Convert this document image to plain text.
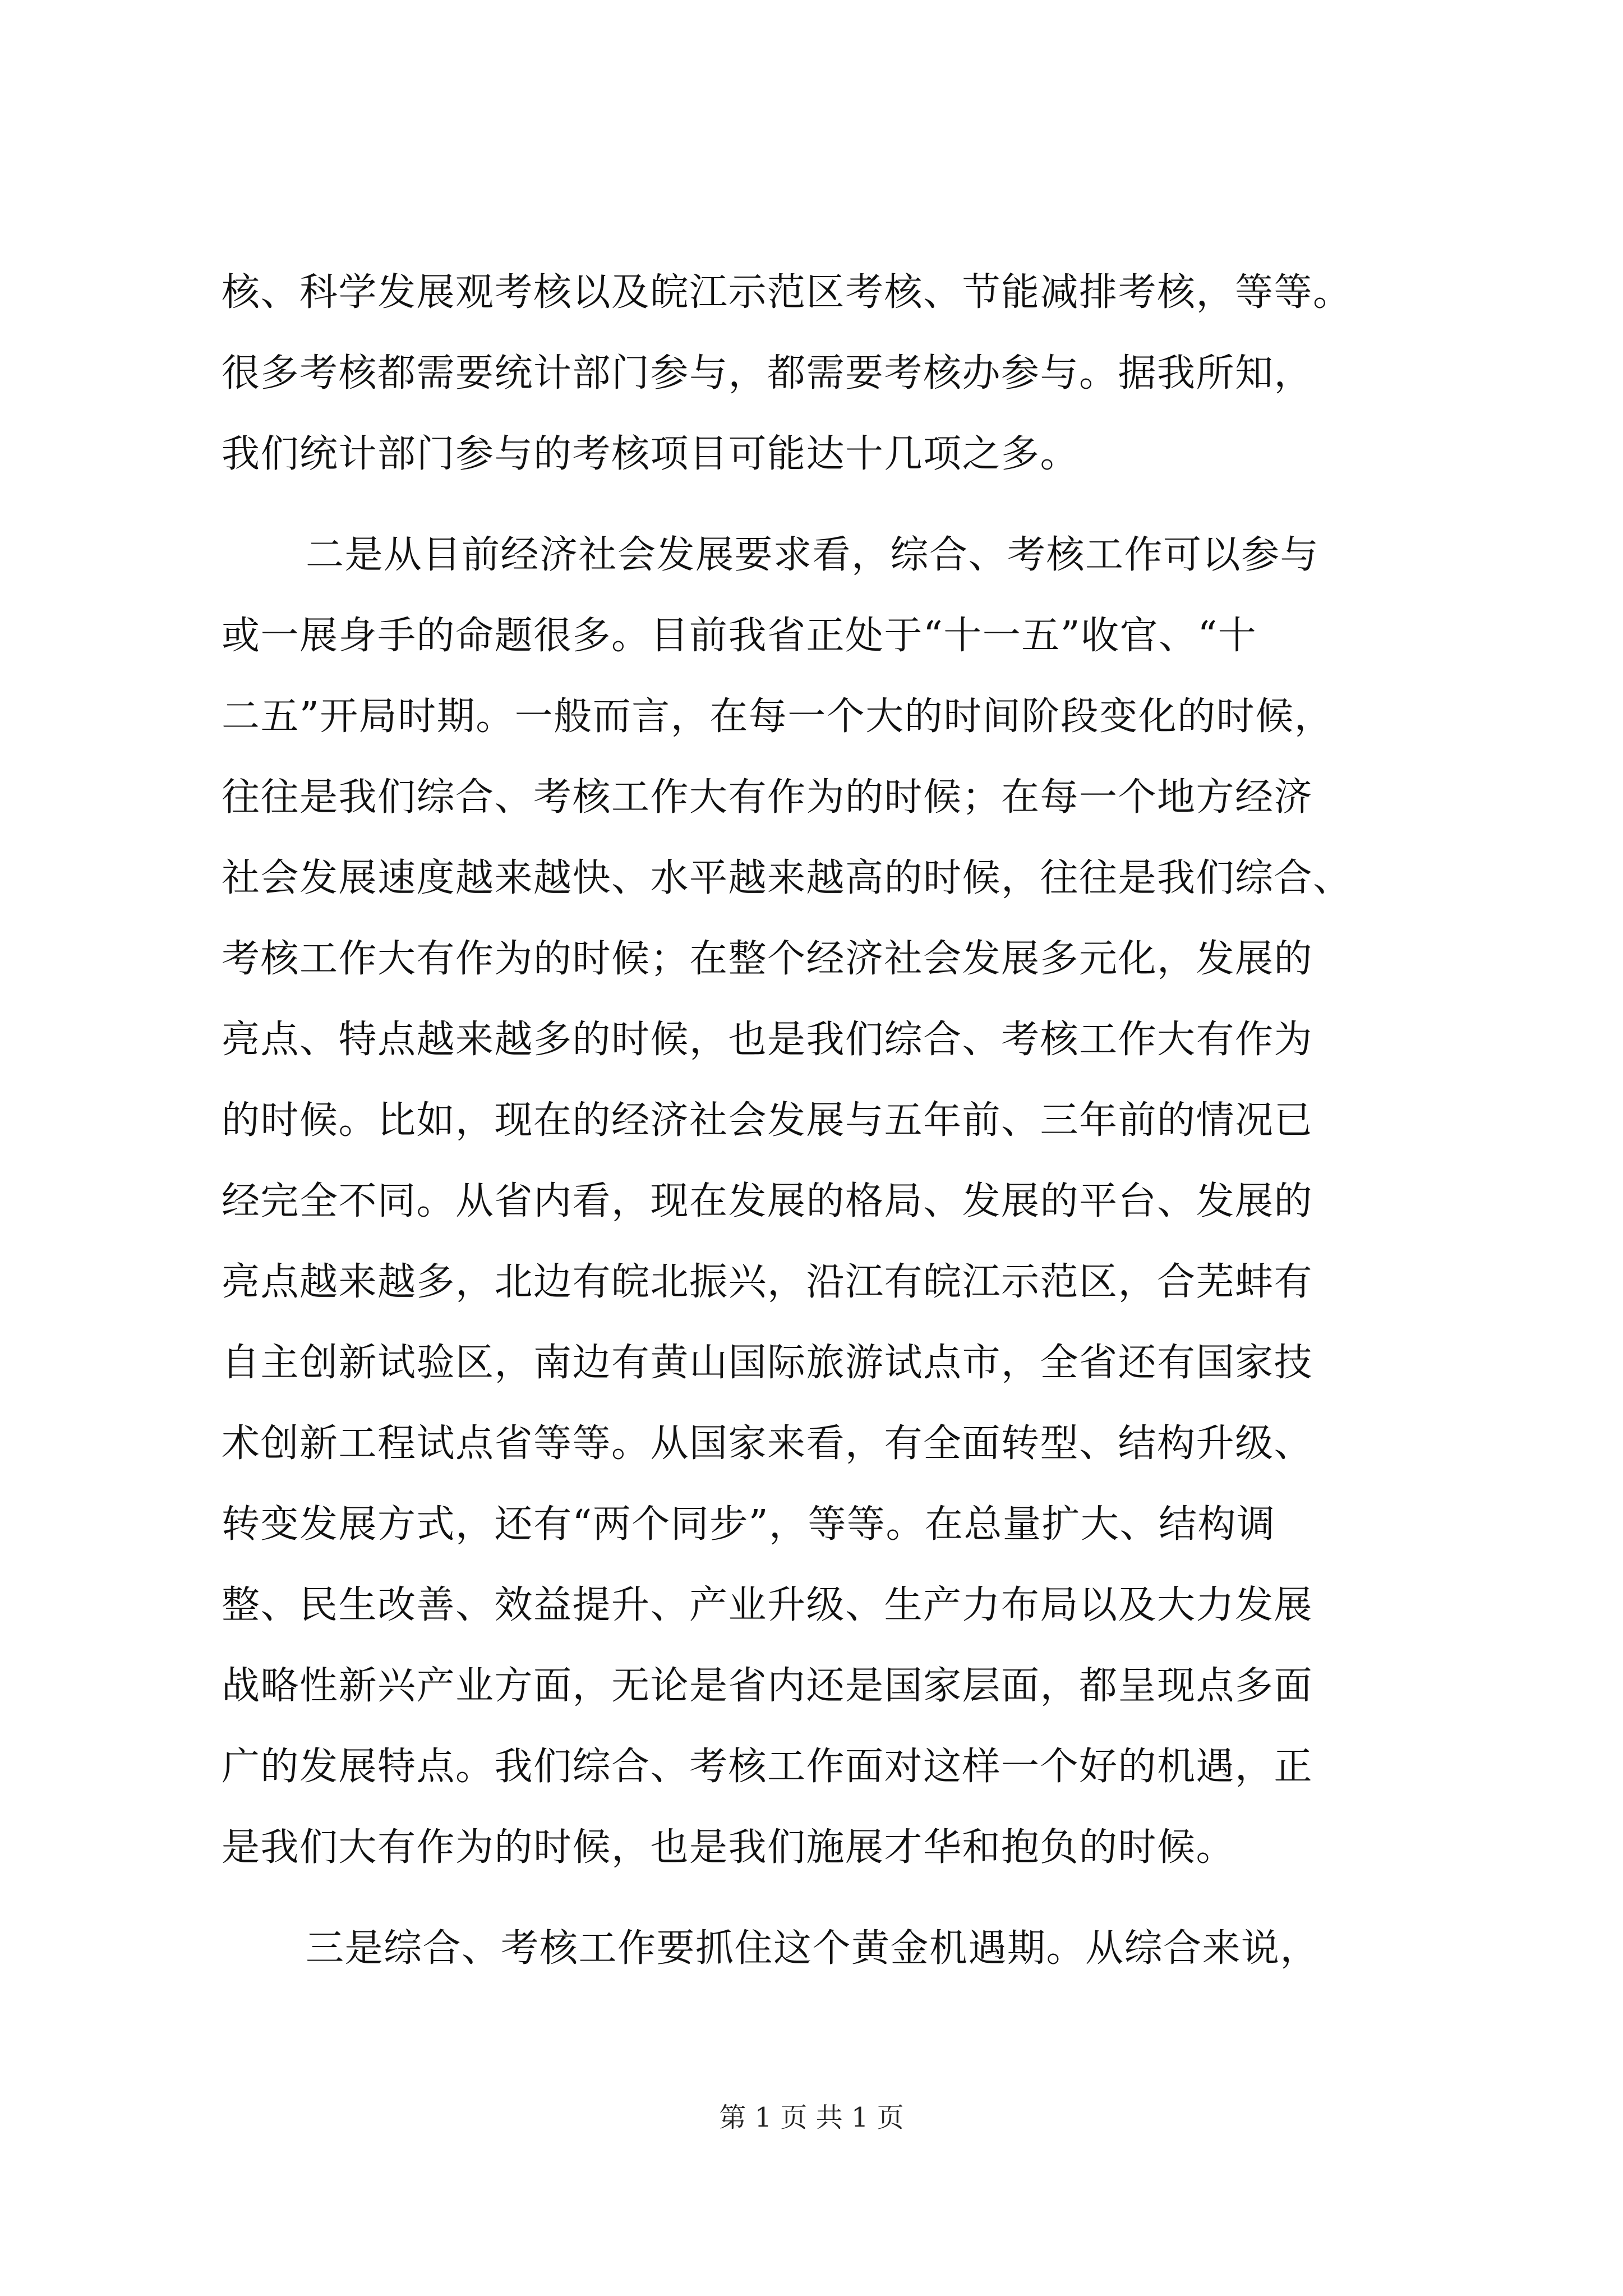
核、科学发展观考核以及皖江示范区考核、节能减排考核，等等。
很多考核都需要统计部门参与，都需要考核办参与。据我所知，
我们统计部门参与的考核项目可能达十几项之多。
二是从目前经济社会发展要求看，综合、考核工作可以参与
或一展身手的命题很多。目前我省正处于“十一五”收官、“十
二五”开局时期。一般而言，在每一个大的时间阶段变化的时候，
往往是我们综合、考核工作大有作为的时候；在每一个地方经济
社会发展速度越来越快、水平越来越高的时候，往往是我们综合、
考核工作大有作为的时候；在整个经济社会发展多元化，发展的
亮点、特点越来越多的时候，也是我们综合、考核工作大有作为
的时候。比如，现在的经济社会发展与五年前、三年前的情况已
经完全不同。从省内看，现在发展的格局、发展的平台、发展的
亮点越来越多，北边有皖北振兴，沿江有皖江示范区，合芜蚌有
自主创新试验区，南边有黄山国际旅游试点市，全省还有国家技
术创新工程试点省等等。从国家来看，有全面转型、结构升级、
转变发展方式，还有“两个同步”，等等。在总量扩大、结构调
整、民生改善、效益提升、产业升级、生产力布局以及大力发展
战略性新兴产业方面，无论是省内还是国家层面，都呈现点多面
广的发展特点。我们综合、考核工作面对这样一个好的机遇，正
是我们大有作为的时候，也是我们施展才华和抱负的时候。
三是综合、考核工作要抓住这个黄金机遇期。从综合来说，
第 1 页 共 1 页
